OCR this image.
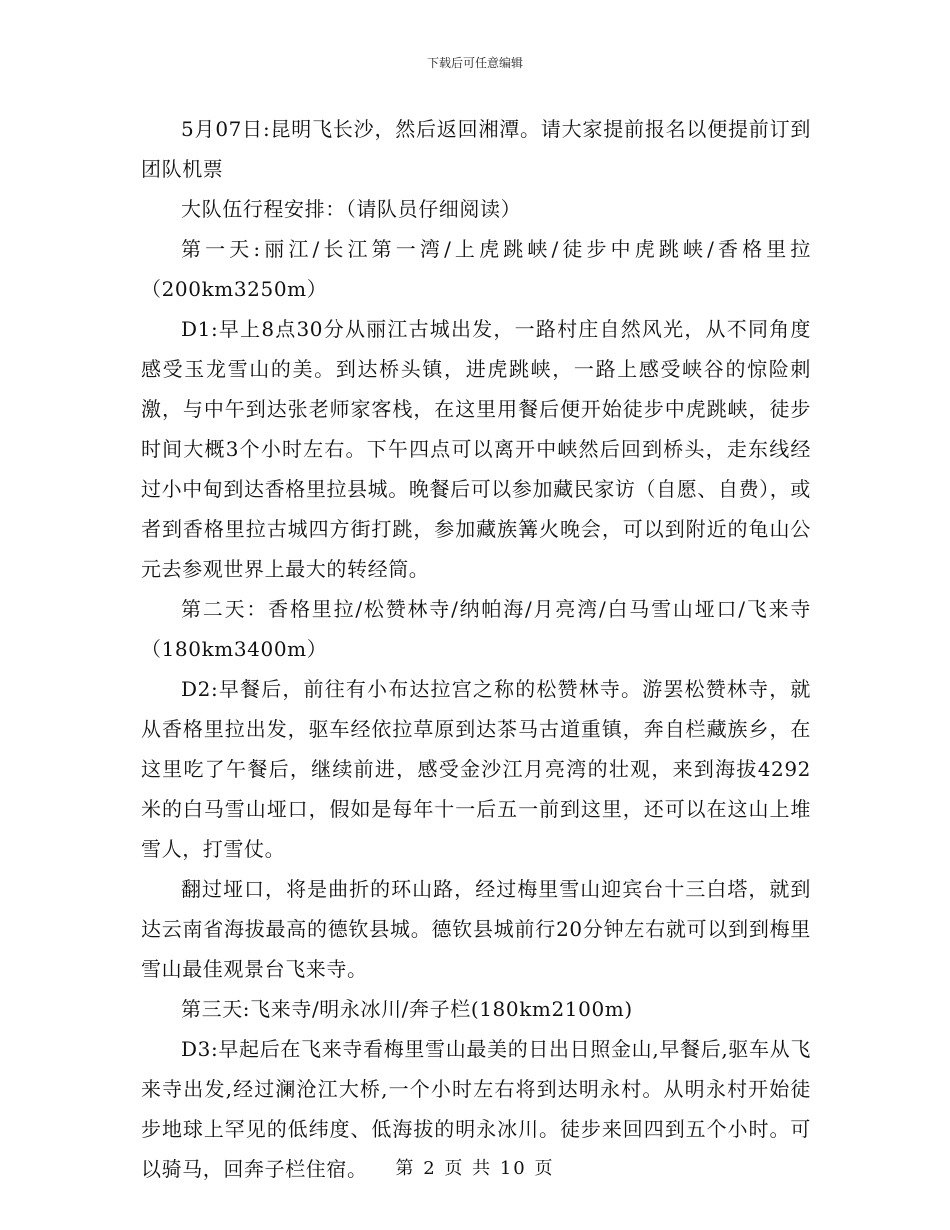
下载后可任意编辑

5月07日:昆明飞长沙，然后返回湘潭。请大家提前报名以便提前订到团队机票

大队伍行程安排：（请队员仔细阅读）

第一天:丽江/长江第一湾/上虎跳峡/徒步中虎跳峡/香格里拉（200km3250m）

D1:早上8点30分从丽江古城出发，一路村庄自然风光，从不同角度感受玉龙雪山的美。到达桥头镇，进虎跳峡，一路上感受峡谷的惊险刺激，与中午到达张老师家客栈，在这里用餐后便开始徒步中虎跳峡，徒步时间大概3个小时左右。下午四点可以离开中峡然后回到桥头，走东线经过小中甸到达香格里拉县城。晚餐后可以参加藏民家访（自愿、自费），或者到香格里拉古城四方街打跳，参加藏族篝火晚会，可以到附近的龟山公元去参观世界上最大的转经筒。

第二天：香格里拉/松赞林寺/纳帕海/月亮湾/白马雪山垭口/飞来寺（180km3400m）

D2:早餐后，前往有小布达拉宫之称的松赞林寺。游罢松赞林寺，就从香格里拉出发，驱车经依拉草原到达茶马古道重镇，奔自栏藏族乡，在这里吃了午餐后，继续前进，感受金沙江月亮湾的壮观，来到海拔4292米的白马雪山垭口，假如是每年十一后五一前到这里，还可以在这山上堆雪人，打雪仗。

翻过垭口，将是曲折的环山路，经过梅里雪山迎宾台十三白塔，就到达云南省海拔最高的德钦县城。德钦县城前行20分钟左右就可以到到梅里雪山最佳观景台飞来寺。

第三天:飞来寺/明永冰川/奔子栏(180km2100m)

D3:早起后在飞来寺看梅里雪山最美的日出日照金山,早餐后,驱车从飞来寺出发,经过澜沧江大桥,一个小时左右将到达明永村。从明永村开始徒步地球上罕见的低纬度、低海拔的明永冰川。徒步来回四到五个小时。可以骑马，回奔子栏住宿。	第 2 页 共 10 页
